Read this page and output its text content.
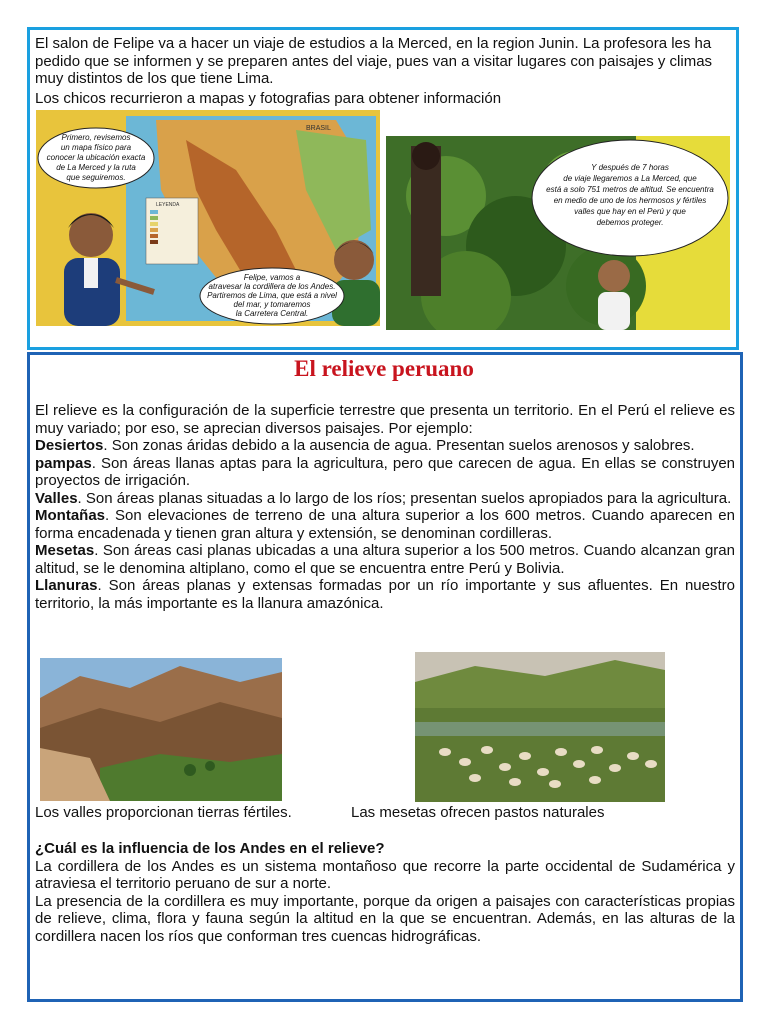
El salon de Felipe va a hacer un viaje de estudios a la Merced, en la region Junin. La profesora les ha pedido que se informen y se preparen antes del viaje, pues van a visitar lugares con paisajes y climas muy distintos de los que tiene Lima.

Los chicos recurrieron a mapas y fotografias para obtener información

BRASIL
LEYENDA
Primero, revisemos
un mapa físico para
conocer la ubicación exacta
de La Merced y la ruta
que seguiremos.
Felipe, vamos a
atravesar la cordillera de los Andes.
Partiremos de Lima, que está a nivel
del mar, y tomaremos
la Carretera Central.
Y después de 7 horas
de viaje llegaremos a La Merced, que
está a solo 751 metros de altitud. Se encuentra
en medio de uno de los hermosos y fértiles
valles que hay en el Perú y que
debemos proteger.
El relieve peruano
El relieve es la configuración de la superficie terrestre que presenta un territorio. En el Perú el relieve es muy variado; por eso, se aprecian diversos paisajes. Por ejemplo:
Desiertos. Son zonas áridas debido a la ausencia de agua. Presentan suelos arenosos y salobres.
pampas. Son áreas llanas aptas para la agricultura, pero que carecen de agua. En ellas se construyen proyectos de irrigación.
Valles. Son áreas planas situadas a lo largo de los ríos; presentan suelos apropiados para la agricultura.
Montañas. Son elevaciones de terreno de una altura superior a los 600 metros. Cuando aparecen en forma encadenada y tienen gran altura y extensión, se denominan cordilleras.
Mesetas. Son áreas casi planas ubicadas a una altura superior a los 500 metros. Cuando alcanzan gran altitud, se le denomina altiplano, como el que se encuentra entre Perú y Bolivia.
Llanuras. Son áreas planas y extensas formadas por un río importante y sus afluentes. En nuestro territorio, la más importante es la llanura amazónica.
Los valles proporcionan tierras fértiles.	Las mesetas ofrecen pastos naturales
¿Cuál es la influencia de los Andes en el relieve?
La cordillera de los Andes es un sistema montañoso que recorre la parte occidental de Sudamérica y atraviesa el territorio peruano de sur a norte.
La presencia de la cordillera es muy importante, porque da origen a paisajes con características propias de relieve, clima, flora y fauna según la altitud en la que se encuentran. Además, en las alturas de la cordillera nacen los ríos que conforman tres cuencas hidrográficas.
